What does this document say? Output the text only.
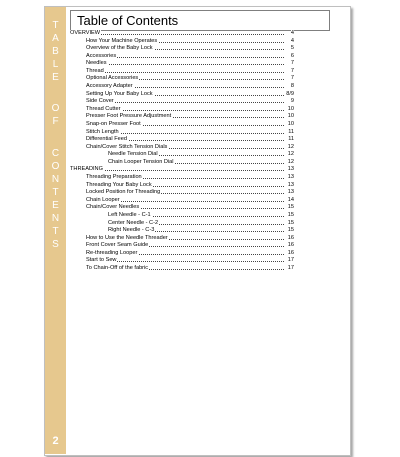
T
A
B
L
E
O
F
C
O
N
T
E
N
T
S
2
Table of Contents
OVERVIEW	4
How Your Machine Operates	4
Overview of the Baby Lock	5
Accessories	6
Needles	7
Thread	7
Optional Accessories	7
Accessory Adapter	8
Setting Up Your Baby Lock	8/9
Side Cover	9
Thread Cutter	10
Presser Foot Pressure Adjustment	10
Snap-on Presser Foot	10
Stitch Length	11
Differential Feed	11
Chain/Cover Stitch Tension Dials	12
Needle Tension Dial	12
Chain Looper Tension Dial	12
THREADING	13
Threading Preparation	13
Threading Your Baby Lock	13
Locked Position for Threading	13
Chain Looper	14
Chain/Cover Needles	15
Left Needle - C-1	15
Center Needle - C-2	15
Right Needle - C-3	15
How to Use the Needle Threader	16
Front Cover Seam Guide	16
Re-threading Looper	16
Start to Sew	17
To Chain-Off of the fabric	17
